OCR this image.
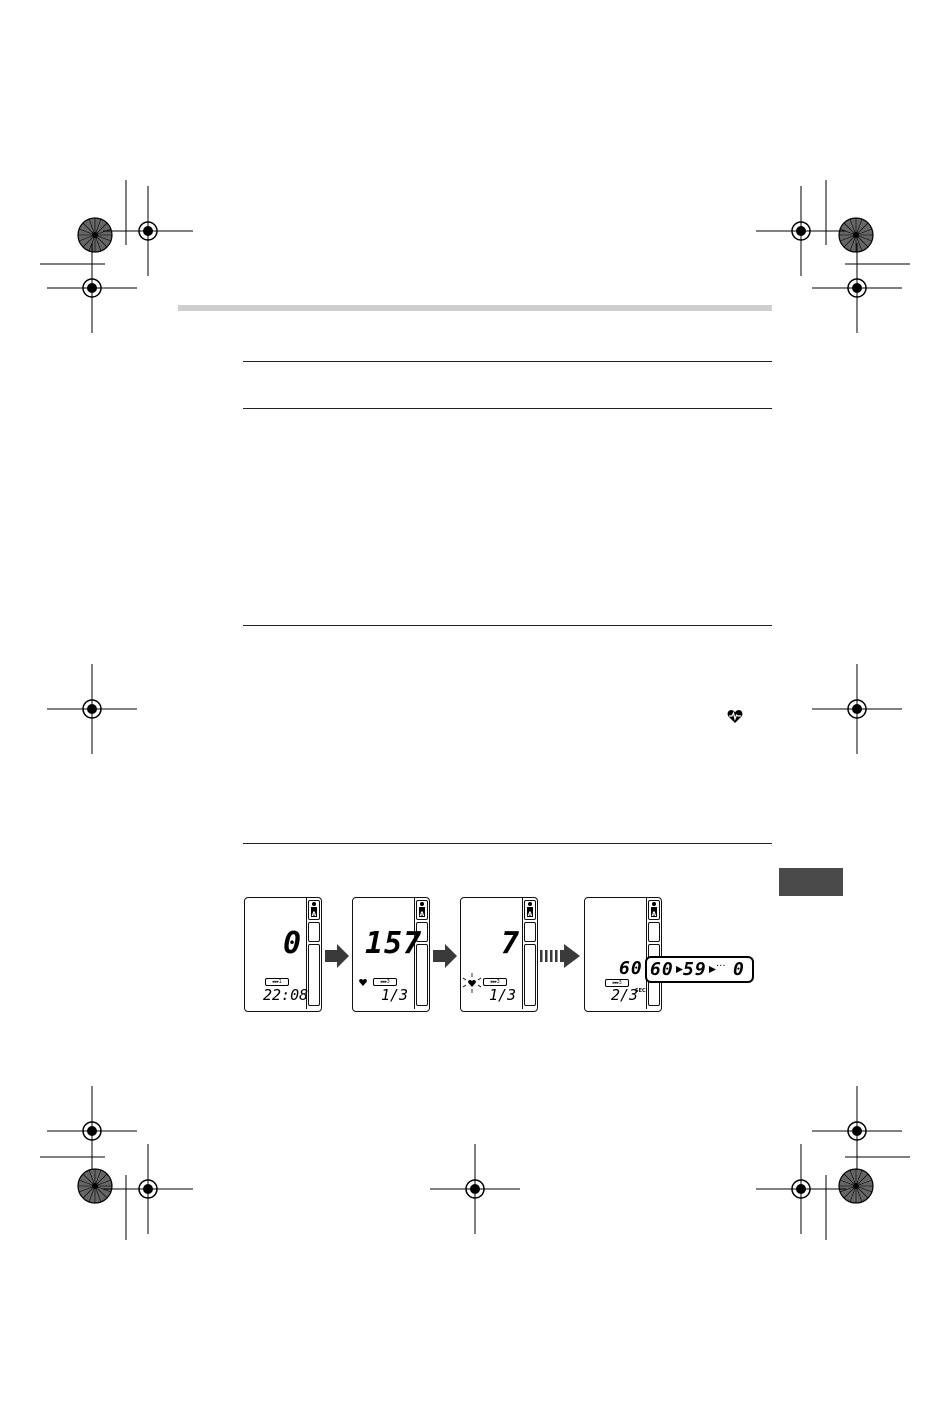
A
0
▸▸▸1
22:08
A
157
▸▸▸3
1/3
A
7
▸▸▸3
1/3
A
60
▸▸▸3
2/3
SEC
60 59 ··· 0
